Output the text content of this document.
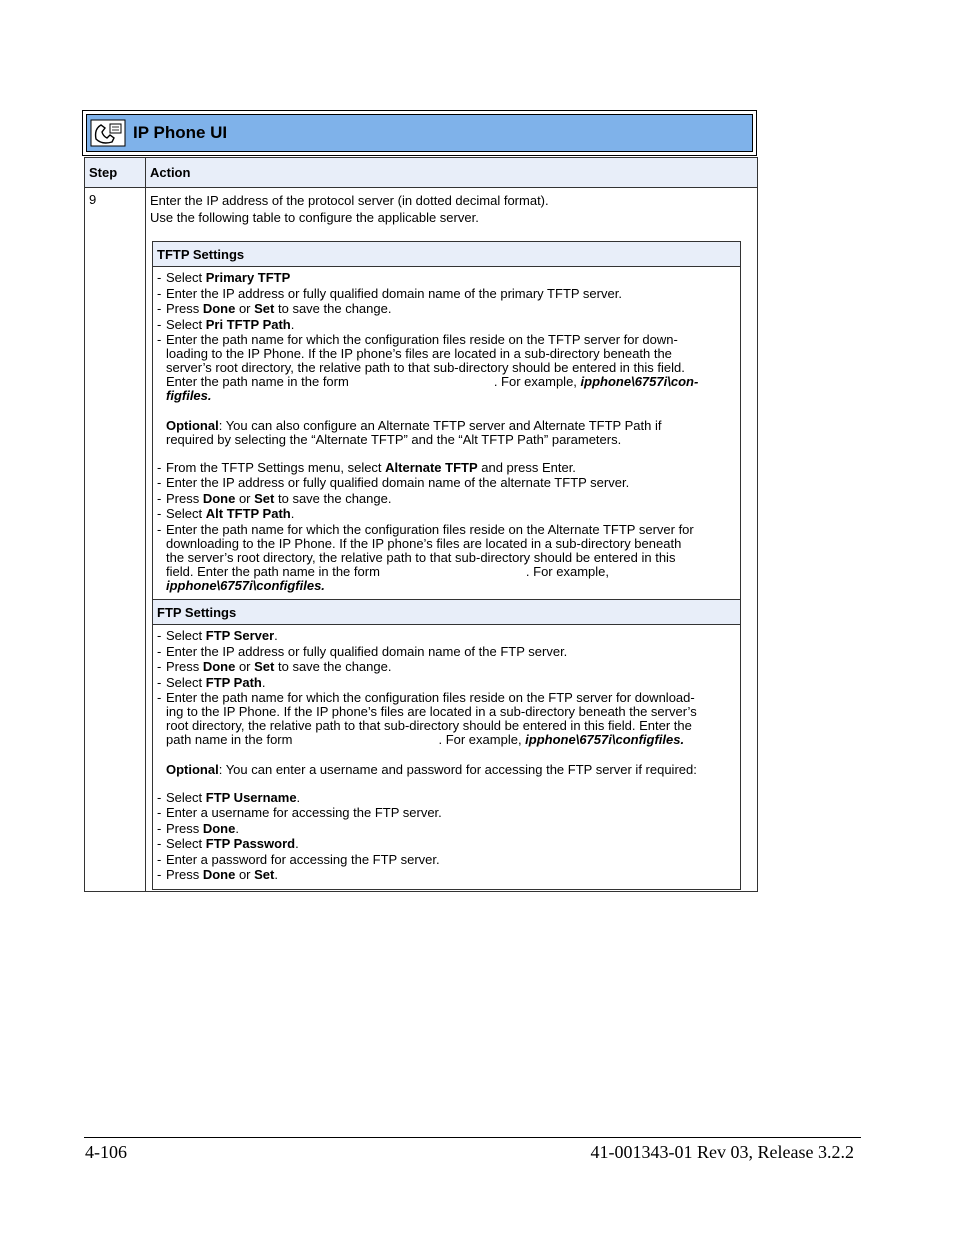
IP Phone UI
Step	Action
9	Enter the IP address of the protocol server (in dotted decimal format).

Use the following table to configure the applicable server.

TFTP Settings

- Select Primary TFTP
- Enter the IP address or fully qualified domain name of the primary TFTP server.
- Press Done or Set to save the change.
- Select Pri TFTP Path.
- Enter the path name for which the configuration files reside on the TFTP server for down-
loading to the IP Phone. If the IP phone’s files are located in a sub-directory beneath the
server’s root directory, the relative path to that sub-directory should be entered in this field.
Enter the path name in the form	. For example, ipphone\6757i\con-
figfiles.
Optional: You can also configure an Alternate TFTP server and Alternate TFTP Path if
required by selecting the “Alternate TFTP” and the “Alt TFTP Path” parameters.
- From the TFTP Settings menu, select Alternate TFTP and press Enter.
- Enter the IP address or fully qualified domain name of the alternate TFTP server.
- Press Done or Set to save the change.
- Select Alt TFTP Path.
- Enter the path name for which the configuration files reside on the Alternate TFTP server for
downloading to the IP Phone. If the IP phone’s files are located in a sub-directory beneath
the server’s root directory, the relative path to that sub-directory should be entered in this
field. Enter the path name in the form	. For example,
ipphone\6757i\configfiles.

FTP Settings

- Select FTP Server.
- Enter the IP address or fully qualified domain name of the FTP server.
- Press Done or Set to save the change.
- Select FTP Path.
- Enter the path name for which the configuration files reside on the FTP server for download-
ing to the IP Phone. If the IP phone’s files are located in a sub-directory beneath the server’s
root directory, the relative path to that sub-directory should be entered in this field. Enter the
path name in the form	. For example, ipphone\6757i\configfiles.
Optional: You can enter a username and password for accessing the FTP server if required:
- Select FTP Username.
- Enter a username for accessing the FTP server.
- Press Done.
- Select FTP Password.
- Enter a password for accessing the FTP server.
- Press Done or Set.
4-106	41-001343-01 Rev 03, Release 3.2.2
